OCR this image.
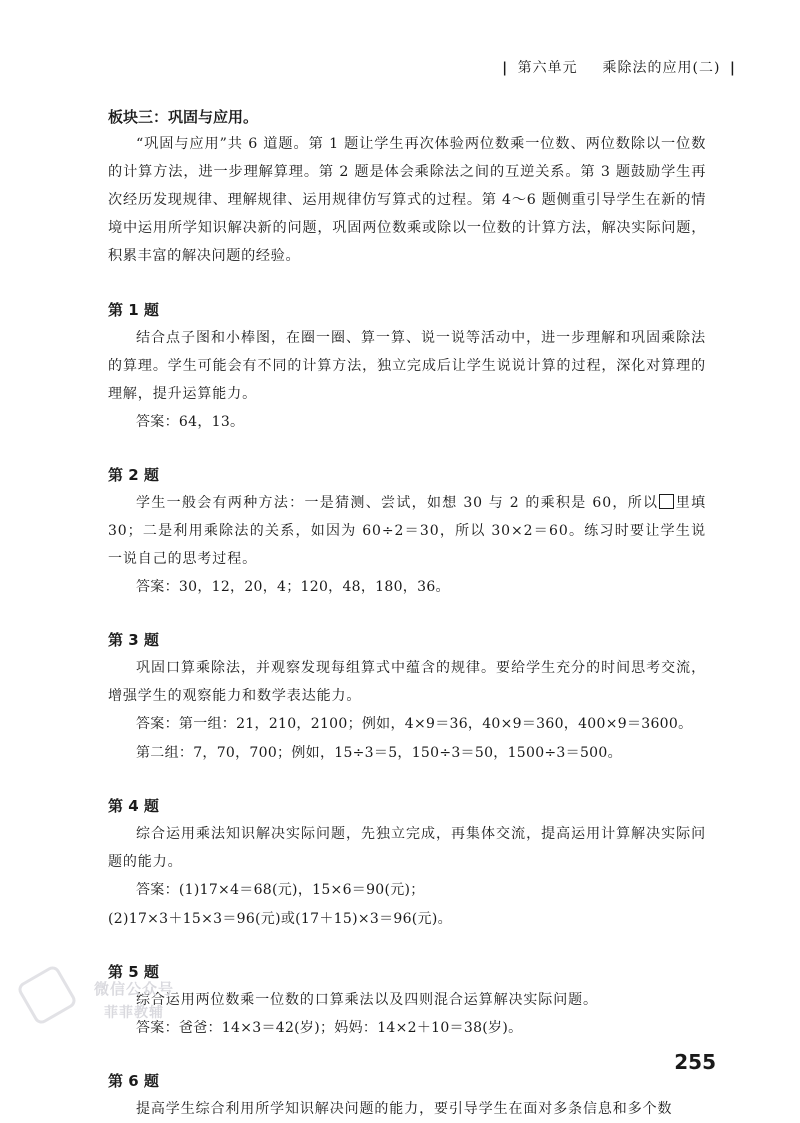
| 第六单元 乘除法的应用(二) |
板块三：巩固与应用。
“巩固与应用”共 6 道题。第 1 题让学生再次体验两位数乘一位数、两位数除以一位数的计算方法，进一步理解算理。第 2 题是体会乘除法之间的互逆关系。第 3 题鼓励学生再次经历发现规律、理解规律、运用规律仿写算式的过程。第 4～6 题侧重引导学生在新的情境中运用所学知识解决新的问题，巩固两位数乘或除以一位数的计算方法，解决实际问题，积累丰富的解决问题的经验。
第 1 题
结合点子图和小棒图，在圈一圈、算一算、说一说等活动中，进一步理解和巩固乘除法的算理。学生可能会有不同的计算方法，独立完成后让学生说说计算的过程，深化对算理的理解，提升运算能力。
答案：64，13。
第 2 题
学生一般会有两种方法：一是猜测、尝试，如想 30 与 2 的乘积是 60，所以 里填 30；二是利用乘除法的关系，如因为 60÷2＝30，所以 30×2＝60。练习时要让学生说一说自己的思考过程。
答案：30，12，20，4；120，48，180，36。
第 3 题
巩固口算乘除法，并观察发现每组算式中蕴含的规律。要给学生充分的时间思考交流，增强学生的观察能力和数学表达能力。
答案：第一组：21，210，2100；例如，4×9＝36，40×9＝360，400×9＝3600。
第二组：7，70，700；例如，15÷3＝5，150÷3＝50，1500÷3＝500。
第 4 题
综合运用乘法知识解决实际问题，先独立完成，再集体交流，提高运用计算解决实际问题的能力。
答案：(1)17×4＝68(元)，15×6＝90(元)；
(2)17×3＋15×3＝96(元)或(17＋15)×3＝96(元)。
第 5 题
综合运用两位数乘一位数的口算乘法以及四则混合运算解决实际问题。
答案：爸爸：14×3＝42(岁)；妈妈：14×2＋10＝38(岁)。
第 6 题
提高学生综合利用所学知识解决问题的能力，要引导学生在面对多条信息和多个数
微信公众号
菲菲教辅
255
